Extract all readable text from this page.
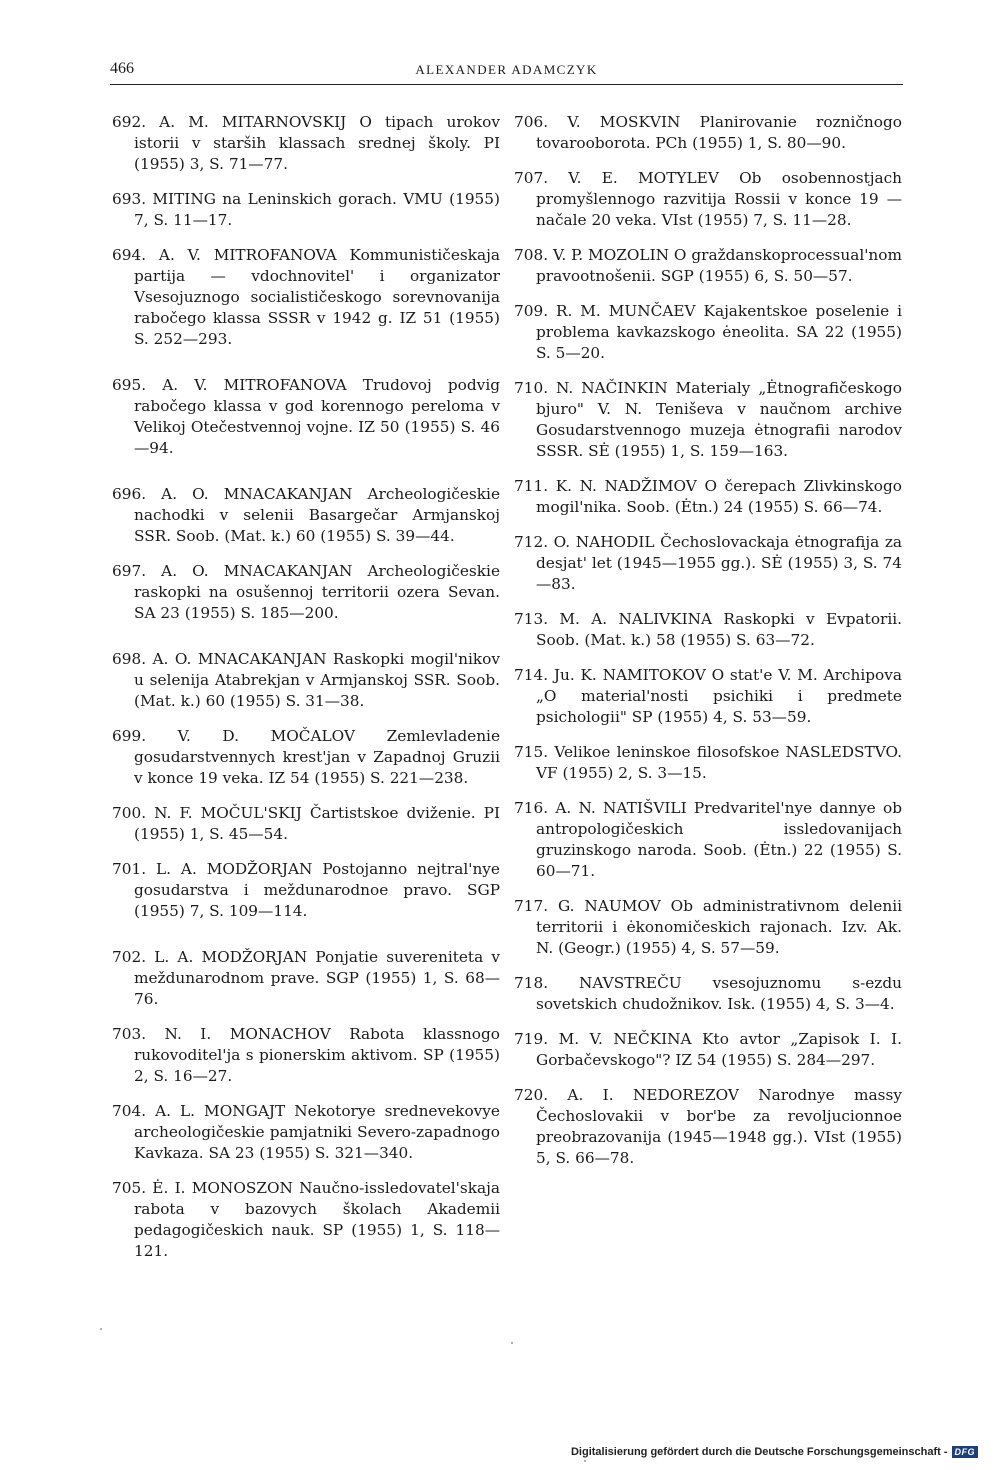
466	ALEXANDER ADAMCZYK
692. A. M. MITARNOVSKIJ O tipach urokov istorii v starših klassach srednej školy. PI (1955) 3, S. 71—77.
693. MITING na Leninskich gorach. VMU (1955) 7, S. 11—17.
694. A. V. MITROFANOVA Kommunističeskaja partija — vdochnovitel' i organizator Vsesojuznogo socialističeskogo sorevnovanija rabočego klassa SSSR v 1942 g. IZ 51 (1955) S. 252—293.
695. A. V. MITROFANOVA Trudovoj podvig rabočego klassa v god korennogo pereloma v Velikoj Otečestvennoj vojne. IZ 50 (1955) S. 46—94.
696. A. O. MNACAKANJAN Archeologičeskie nachodki v selenii Basargečar Armjanskoj SSR. Soob. (Mat. k.) 60 (1955) S. 39—44.
697. A. O. MNACAKANJAN Archeologičeskie raskopki na osušennoj territorii ozera Sevan. SA 23 (1955) S. 185—200.
698. A. O. MNACAKANJAN Raskopki mogil'nikov u selenija Atabrekjan v Armjanskoj SSR. Soob. (Mat. k.) 60 (1955) S. 31—38.
699. V. D. MOČALOV Zemlevladenie gosudarstvennych krest'jan v Zapadnoj Gruzii v konce 19 veka. IZ 54 (1955) S. 221—238.
700. N. F. MOČUL'SKIJ Čartistskoe dviženie. PI (1955) 1, S. 45—54.
701. L. A. MODŽORJAN Postojanno nejtral'nye gosudarstva i meždunarodnoe pravo. SGP (1955) 7, S. 109—114.
702. L. A. MODŽORJAN Ponjatie suvereniteta v meždunarodnom prave. SGP (1955) 1, S. 68—76.
703. N. I. MONACHOV Rabota klassnogo rukovoditel'ja s pionerskim aktivom. SP (1955) 2, S. 16—27.
704. A. L. MONGAJT Nekotorye srednevekovye archeologičeskie pamjatniki Severo-zapadnogo Kavkaza. SA 23 (1955) S. 321—340.
705. Ė. I. MONOSZON Naučno-issledovatel'skaja rabota v bazovych školach Akademii pedagogičeskich nauk. SP (1955) 1, S. 118—121.
706. V. MOSKVIN Planirovanie rozničnogo tovarooborota. PCh (1955) 1, S. 80—90.
707. V. E. MOTYLEV Ob osobennostjach promyšlennogo razvitija Rossii v konce 19 — načale 20 veka. VIst (1955) 7, S. 11—28.
708. V. P. MOZOLIN O graždanskoprocessual'nom pravootnošenii. SGP (1955) 6, S. 50—57.
709. R. M. MUNČAEV Kajakentskoe poselenie i problema kavkazskogo ėneolita. SA 22 (1955) S. 5—20.
710. N. NAČINKIN Materialy „Ėtnografičeskogo bjuro" V. N. Teniševa v naučnom archive Gosudarstvennogo muzeja ėtnografii narodov SSSR. SĖ (1955) 1, S. 159—163.
711. K. N. NADŽIMOV O čerepach Zlivkinskogo mogil'nika. Soob. (Ėtn.) 24 (1955) S. 66—74.
712. O. NAHODIL Čechoslovackaja ėtnografija za desjat' let (1945—1955 gg.). SĖ (1955) 3, S. 74—83.
713. M. A. NALIVKINA Raskopki v Evpatorii. Soob. (Mat. k.) 58 (1955) S. 63—72.
714. Ju. K. NAMITOKOV O stat'e V. M. Archipova „O material'nosti psichiki i predmete psichologii" SP (1955) 4, S. 53—59.
715. Velikoe leninskoe filosofskoe NASLEDSTVO. VF (1955) 2, S. 3—15.
716. A. N. NATIŠVILI Predvaritel'nye dannye ob antropologičeskich issledovanijach gruzinskogo naroda. Soob. (Ėtn.) 22 (1955) S. 60—71.
717. G. NAUMOV Ob administrativnom delenii territorii i ėkonomičeskich rajonach. Izv. Ak. N. (Geogr.) (1955) 4, S. 57—59.
718. NAVSTREČU vsesojuznomu s-ezdu sovetskich chudožnikov. Isk. (1955) 4, S. 3—4.
719. M. V. NEČKINA Kto avtor „Zapisok I. I. Gorbačevskogo"? IZ 54 (1955) S. 284—297.
720. A. I. NEDOREZOV Narodnye massy Čechoslovakii v bor'be za revoljucionnoe preobrazovanija (1945—1948 gg.). VIst (1955) 5, S. 66—78.
Digitalisierung gefördert durch die Deutsche Forschungsgemeinschaft - DFG
